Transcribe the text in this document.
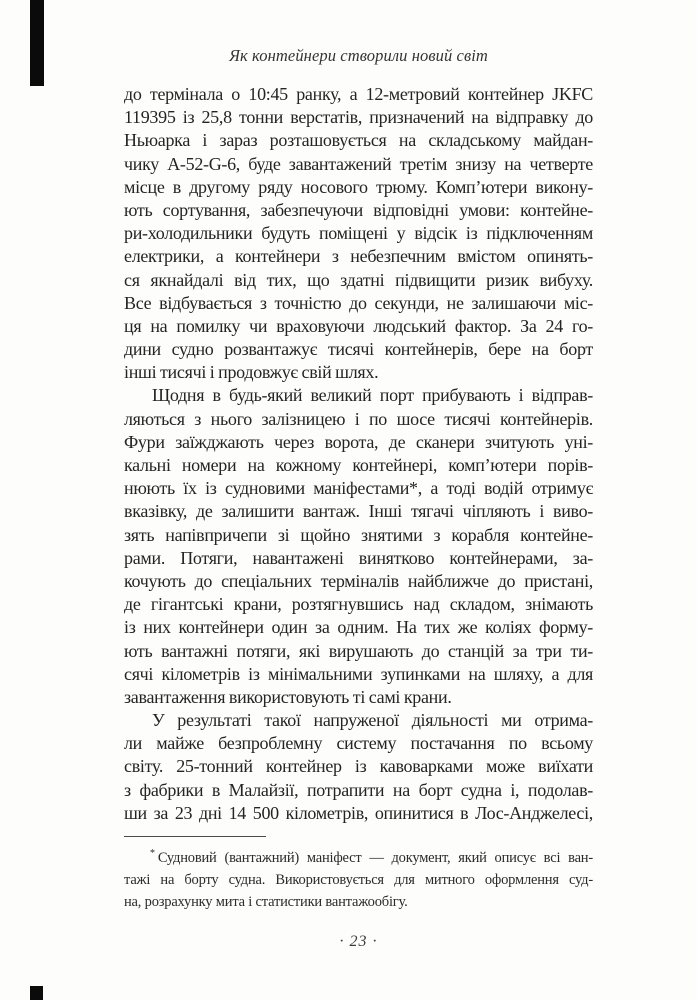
Як контейнери створили новий світ
до термінала о 10:45 ранку, а 12-метровий контейнер JKFC
119395 із 25,8 тонни верстатів, призначений на відправку до
Ньюарка і зараз розташовується на складському майдан-
чику A-52-G-6, буде завантажений третім знизу на четверте
місце в другому ряду носового трюму. Комп’ютери викону-
ють сортування, забезпечуючи відповідні умови: контейне-
ри-холодильники будуть поміщені у відсік із підключенням
електрики, а контейнери з небезпечним вмістом опинять-
ся якнайдалі від тих, що здатні підвищити ризик вибуху.
Все відбувається з точністю до секунди, не залишаючи міс-
ця на помилку чи враховуючи людський фактор. За 24 го-
дини судно розвантажує тисячі контейнерів, бере на борт
інші тисячі і продовжує свій шлях.
Щодня в будь-який великий порт прибувають і відправ-
ляються з нього залізницею і по шосе тисячі контейнерів.
Фури заїжджають через ворота, де сканери зчитують уні-
кальні номери на кожному контейнері, комп’ютери порів-
нюють їх із судновими маніфестами*, а тоді водій отримує
вказівку, де залишити вантаж. Інші тягачі чіпляють і виво-
зять напівпричепи зі щойно знятими з корабля контейне-
рами. Потяги, навантажені винятково контейнерами, за-
кочують до спеціальних терміналів найближче до пристані,
де гігантські крани, розтягнувшись над складом, знімають
із них контейнери один за одним. На тих же коліях форму-
ють вантажні потяги, які вирушають до станцій за три ти-
сячі кілометрів із мінімальними зупинками на шляху, а для
завантаження використовують ті самі крани.
У результаті такої напруженої діяльності ми отрима-
ли майже безпроблемну систему постачання по всьому
світу. 25-тонний контейнер із кавоварками може виїхати
з фабрики в Малайзії, потрапити на борт судна і, подолав-
ши за 23 дні 14 500 кілометрів, опинитися в Лос-Анджелесі,
* Судновий (вантажний) маніфест — документ, який описує всі ван-
тажі на борту судна. Використовується для митного оформлення суд-
на, розрахунку мита і статистики вантажообігу.
· 23 ·
